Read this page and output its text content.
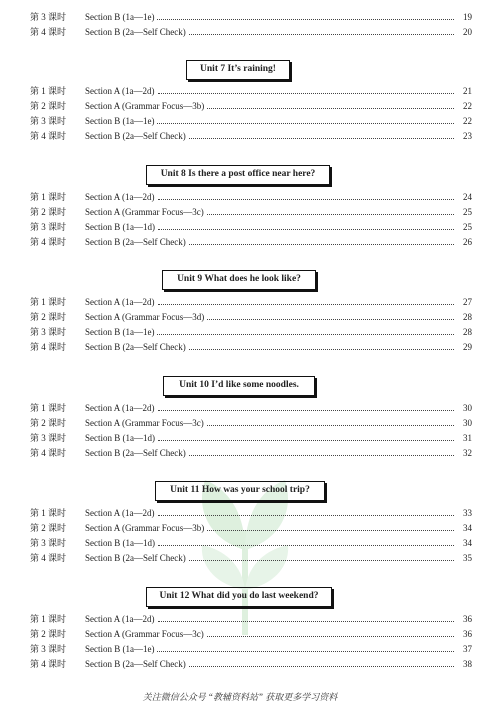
第 3 课时	Section B (1a—1e)	19
第 4 课时	Section B (2a—Self Check)	20
Unit 7 It’s raining!
第 1 课时	Section A (1a—2d)	21
第 2 课时	Section A (Grammar Focus—3b)	22
第 3 课时	Section B (1a—1e)	22
第 4 课时	Section B (2a—Self Check)	23
Unit 8 Is there a post office near here?
第 1 课时	Section A (1a—2d)	24
第 2 课时	Section A (Grammar Focus—3c)	25
第 3 课时	Section B (1a—1d)	25
第 4 课时	Section B (2a—Self Check)	26
Unit 9 What does he look like?
第 1 课时	Section A (1a—2d)	27
第 2 课时	Section A (Grammar Focus—3d)	28
第 3 课时	Section B (1a—1e)	28
第 4 课时	Section B (2a—Self Check)	29
Unit 10 I’d like some noodles.
第 1 课时	Section A (1a—2d)	30
第 2 课时	Section A (Grammar Focus—3c)	30
第 3 课时	Section B (1a—1d)	31
第 4 课时	Section B (2a—Self Check)	32
Unit 11 How was your school trip?
第 1 课时	Section A (1a—2d)	33
第 2 课时	Section A (Grammar Focus—3b)	34
第 3 课时	Section B (1a—1d)	34
第 4 课时	Section B (2a—Self Check)	35
Unit 12 What did you do last weekend?
第 1 课时	Section A (1a—2d)	36
第 2 课时	Section A (Grammar Focus—3c)	36
第 3 课时	Section B (1a—1e)	37
第 4 课时	Section B (2a—Self Check)	38
关注微信公众号 “教辅资料站” 获取更多学习资料
